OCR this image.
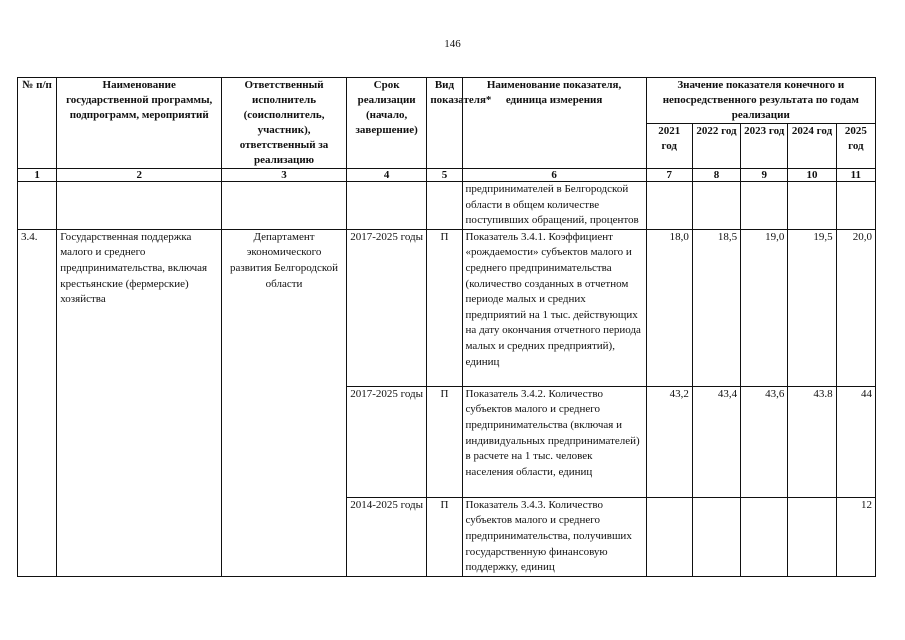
146
№ п/п	Наименование государственной программы, подпрограмм, мероприятий	Ответственный исполнитель (соисполнитель, участник), ответственный за реализацию	Срок реализации (начало, завершение)	Вид показателя*	Наименование показателя, единица измерения	Значение показателя конечного и непосредственного результата по годам реализации				
						2021 год	2022 год	2023 год	2024 год	2025 год
1	2	3	4	5	6	7	8	9	10	11
					предпринимателей в Белгородской области в общем количестве поступивших обращений, процентов					
3.4.	Государственная поддержка малого и среднего предпринимательства, включая крестьянские (фермерские) хозяйства	Департамент экономического развития Белгородской области	2017-2025 годы	П	Показатель 3.4.1. Коэффициент «рождаемости» субъектов малого и среднего предпринимательства (количество созданных в отчетном периоде малых и средних предприятий на 1 тыс. действующих на дату окончания отчетного периода малых и средних предприятий), единиц	18,0	18,5	19,0	19,5	20,0
			2017-2025 годы	П	Показатель 3.4.2. Количество субъектов малого и среднего предпринимательства (включая и индивидуальных предпринимателей) в расчете на 1 тыс. человек населения области, единиц	43,2	43,4	43,6	43.8	44
			2014-2025 годы	П	Показатель 3.4.3. Количество субъектов малого и среднего предпринимательства, получивших государственную финансовую поддержку, единиц					12
